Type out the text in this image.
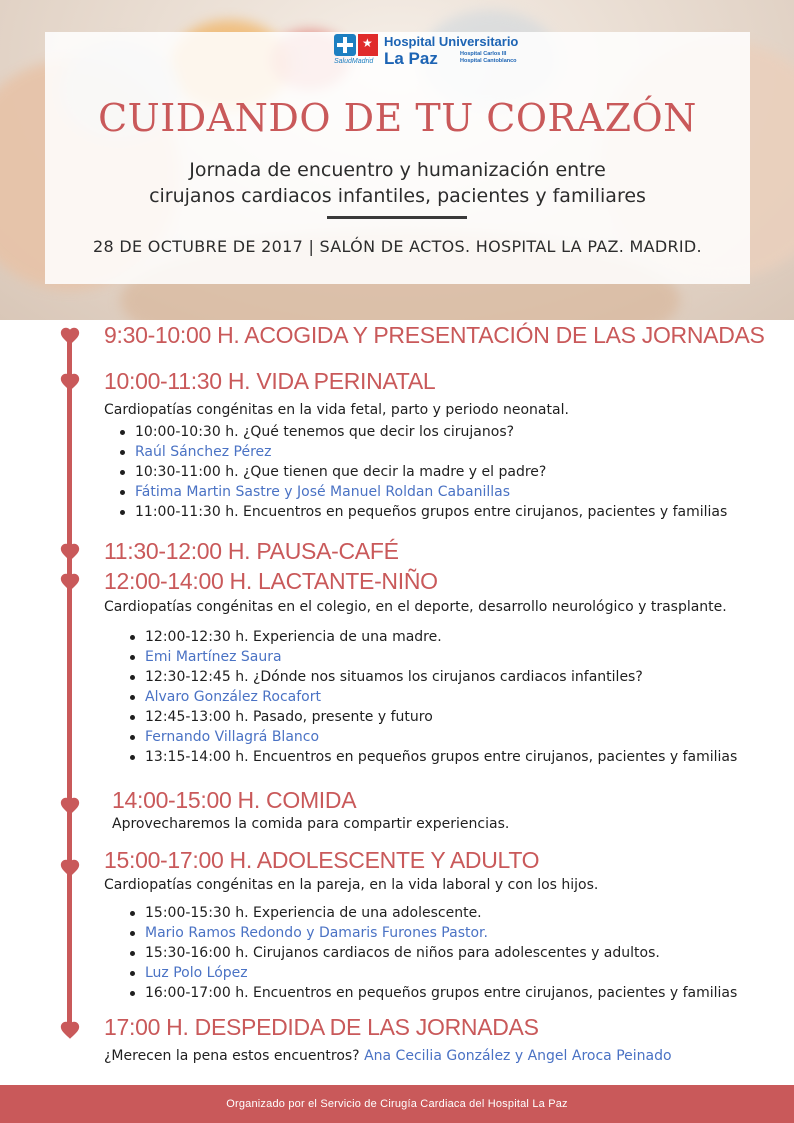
★
SaludMadrid
Hospital Universitario
La Paz	Hospital Carlos III
Hospital Cantoblanco
CUIDANDO DE TU CORAZÓN
Jornada de encuentro y humanización entre
cirujanos cardiacos infantiles, pacientes y familiares
28 DE OCTUBRE DE 2017 | SALÓN DE ACTOS. HOSPITAL LA PAZ. MADRID.
9:30-10:00 H. ACOGIDA Y PRESENTACIÓN DE LAS JORNADAS
10:00-11:30 H. VIDA PERINATAL
Cardiopatías congénitas en la vida fetal, parto y periodo neonatal.
10:00-10:30 h. ¿Qué tenemos que decir los cirujanos?
Raúl Sánchez Pérez
10:30-11:00 h. ¿Que tienen que decir la madre y el padre?
Fátima Martin Sastre y José Manuel Roldan Cabanillas
11:00-11:30 h. Encuentros en pequeños grupos entre cirujanos, pacientes y familias
11:30-12:00 H. PAUSA-CAFÉ
12:00-14:00 H. LACTANTE-NIÑO
Cardiopatías congénitas en el colegio, en el deporte, desarrollo neurológico y trasplante.
12:00-12:30 h. Experiencia de una madre.
Emi Martínez Saura
12:30-12:45 h. ¿Dónde nos situamos los cirujanos cardiacos infantiles?
Alvaro González Rocafort
12:45-13:00 h. Pasado, presente y futuro
Fernando Villagrá Blanco
13:15-14:00 h. Encuentros en pequeños grupos entre cirujanos, pacientes y familias
14:00-15:00 H. COMIDA
Aprovecharemos la comida para compartir experiencias.
15:00-17:00 H. ADOLESCENTE Y ADULTO
Cardiopatías congénitas en la pareja, en la vida laboral y con los hijos.
15:00-15:30 h. Experiencia de una adolescente.
Mario Ramos Redondo y Damaris Furones Pastor.
15:30-16:00 h. Cirujanos cardiacos de niños para adolescentes y adultos.
Luz Polo López
16:00-17:00 h. Encuentros en pequeños grupos entre cirujanos, pacientes y familias
17:00 H. DESPEDIDA DE LAS JORNADAS
¿Merecen la pena estos encuentros? Ana Cecilia González y Angel Aroca Peinado
Organizado por el Servicio de Cirugía Cardiaca del Hospital La Paz
